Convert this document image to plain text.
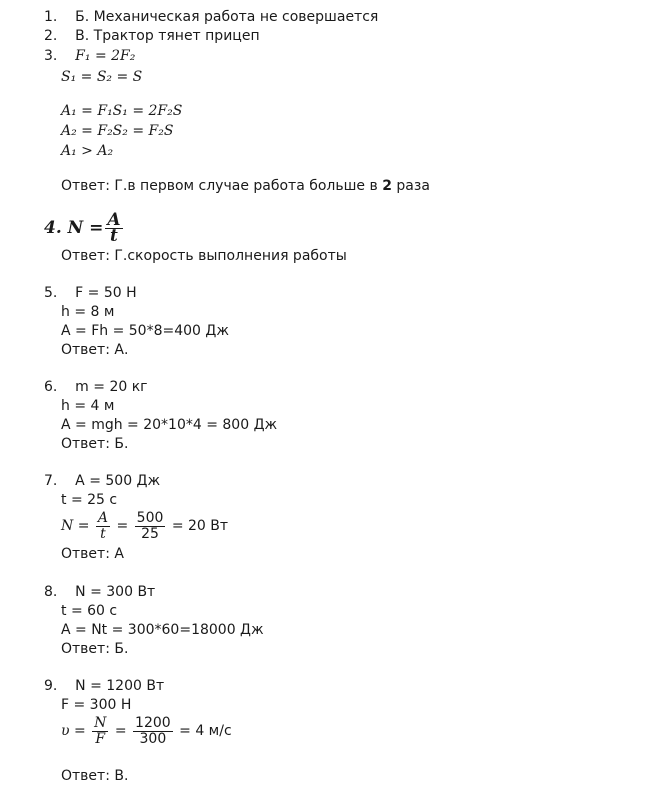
1. Б. Механическая работа не совершается
2. В. Трактор тянет прицеп
3. F₁ = 2F₂
S₁ = S₂ = S
A₁ = F₁S₁ = 2F₂S
A₂ = F₂S₂ = F₂S
A₁ > A₂
Ответ: Г.в первом случае работа больше в 2 раза
4. $N = \frac{A}{t}$
Ответ: Г.скорость выполнения работы
5. F = 50 Н
h = 8 м
A = Fh = 50*8=400 Дж
Ответ: А.
6. m = 20 кг
h = 4 м
A = mgh = 20*10*4 = 800 Дж
Ответ: Б.
7. A = 500 Дж
t = 25 с
$N = \frac{A}{t} = \frac{500}{25} = 20$ Вт
Ответ: А
8. N = 300 Вт
t = 60 с
A = Nt = 300*60=18000 Дж
Ответ: Б.
9. N = 1200 Вт
F = 300 Н
$\upsilon = \frac{N}{F} = \frac{1200}{300} = 4$ м/с
Ответ: В.
